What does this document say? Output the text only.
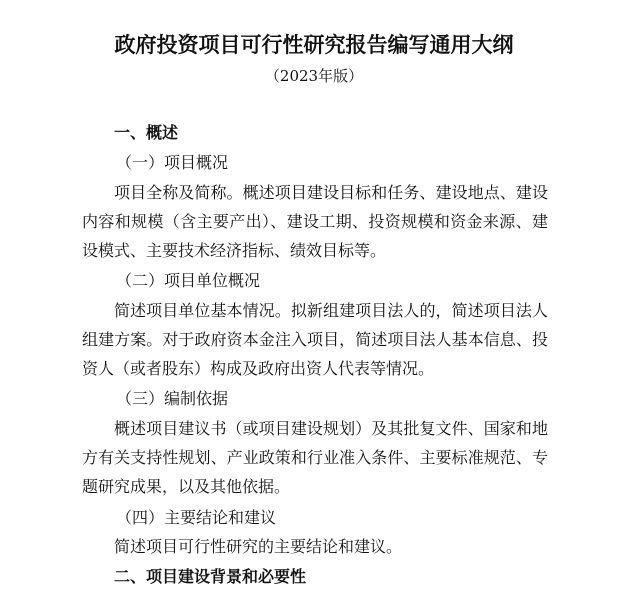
政府投资项目可行性研究报告编写通用大纲
（2023年版）
一、概述
（一）项目概况
项目全称及简称。概述项目建设目标和任务、建设地点、建设内容和规模（含主要产出）、建设工期、投资规模和资金来源、建设模式、主要技术经济指标、绩效目标等。
（二）项目单位概况
简述项目单位基本情况。拟新组建项目法人的，简述项目法人组建方案。对于政府资本金注入项目，简述项目法人基本信息、投资人（或者股东）构成及政府出资人代表等情况。
（三）编制依据
概述项目建议书（或项目建设规划）及其批复文件、国家和地方有关支持性规划、产业政策和行业准入条件、主要标准规范、专题研究成果，以及其他依据。
（四）主要结论和建议
简述项目可行性研究的主要结论和建议。
二、项目建设背景和必要性
